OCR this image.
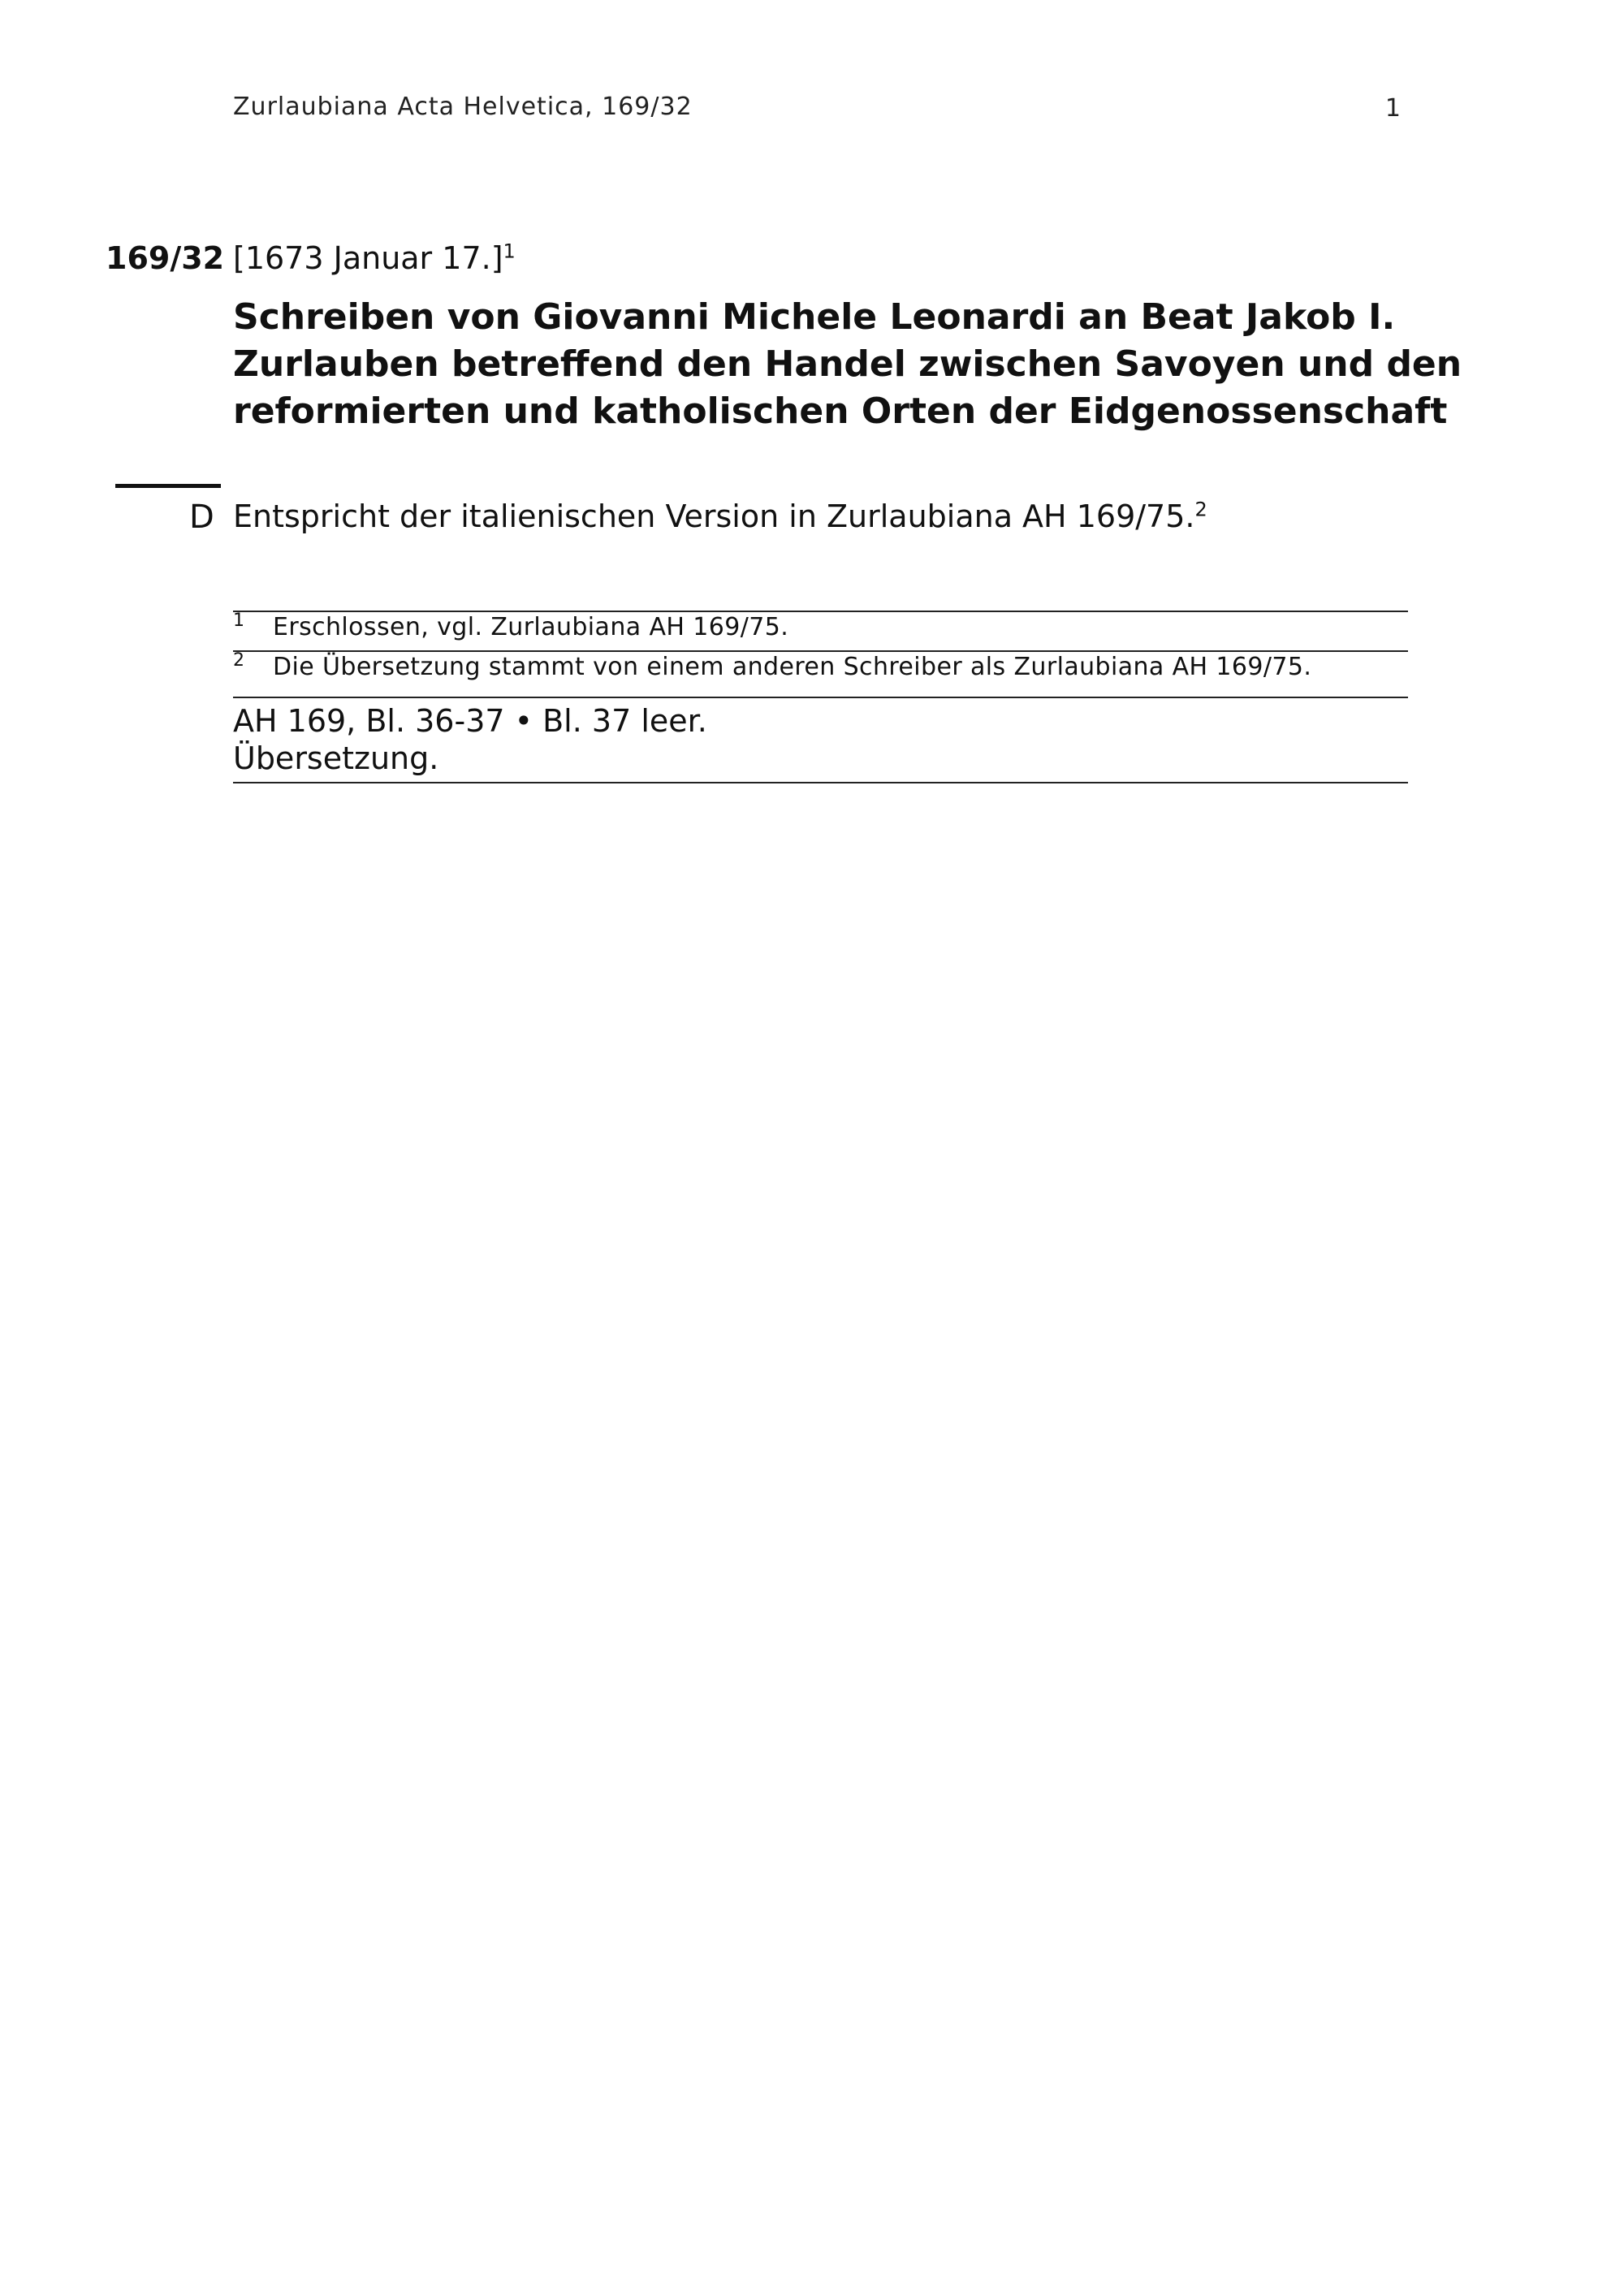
Zurlaubiana Acta Helvetica, 169/32	1
169/32 [1673 Januar 17.]$^1$
Schreiben von Giovanni Michele Leonardi an Beat Jakob I.
Zurlauben betreffend den Handel zwischen Savoyen und den
reformierten und katholischen Orten der Eidgenossenschaft
D Entspricht der italienischen Version in Zurlaubiana AH 169/75.$^2$
1 Erschlossen, vgl. Zurlaubiana AH 169/75.
2 Die Übersetzung stammt von einem anderen Schreiber als Zurlaubiana AH 169/75.
AH 169, Bl. 36-37 • Bl. 37 leer.
Übersetzung.
